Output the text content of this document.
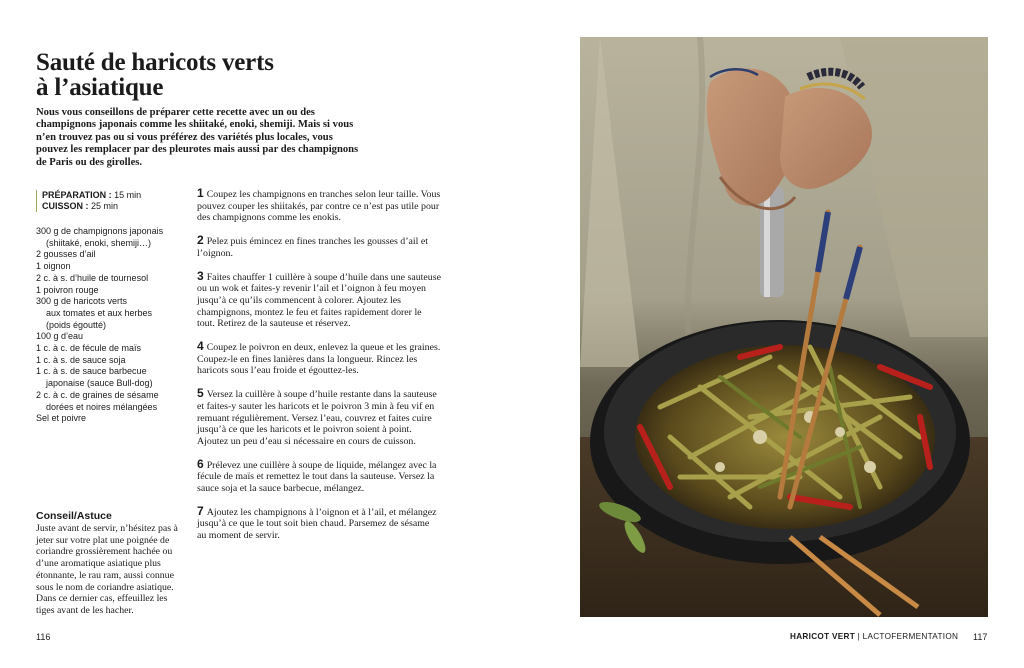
Sauté de haricots verts
à l’asiatique

Nous vous conseillons de préparer cette recette avec un ou des champignons japonais comme les shiitaké, enoki, shemiji. Mais si vous n’en trouvez pas ou si vous préférez des variétés plus locales, vous pouvez les remplacer par des pleurotes mais aussi par des champignons de Paris ou des girolles.

PRÉPARATION : 15 min
CUISSON : 25 min
300 g de champignons japonais
(shiitaké, enoki, shemiji…)
2 gousses d’ail
1 oignon
2 c. à s. d’huile de tournesol
1 poivron rouge
300 g de haricots verts
aux tomates et aux herbes
(poids égoutté)
100 g d’eau
1 c. à c. de fécule de maïs
1 c. à s. de sauce soja
1 c. à s. de sauce barbecue
japonaise (sauce Bull-dog)
2 c. à c. de graines de sésame
dorées et noires mélangées
Sel et poivre
Conseil/Astuce

Juste avant de servir, n’hésitez pas à jeter sur votre plat une poignée de coriandre grossièrement hachée ou d’une aromatique asiatique plus étonnante, le rau ram, aussi connue sous le nom de coriandre asiatique. Dans ce dernier cas, effeuillez les tiges avant de les hacher.

1 Coupez les champignons en tranches selon leur taille. Vous pouvez couper les shiitakés, par contre ce n’est pas utile pour des champignons comme les enokis.

2 Pelez puis émincez en fines tranches les gousses d’ail et l’oignon.

3 Faites chauffer 1 cuillère à soupe d’huile dans une sauteuse ou un wok et faites-y revenir l’ail et l’oignon à feu moyen jusqu’à ce qu’ils commencent à colorer. Ajoutez les champignons, montez le feu et faites rapidement dorer le tout. Retirez de la sauteuse et réservez.

4 Coupez le poivron en deux, enlevez la queue et les graines. Coupez-le en fines lanières dans la longueur. Rincez les haricots sous l’eau froide et égouttez-les.

5 Versez la cuillère à soupe d’huile restante dans la sauteuse et faites-y sauter les haricots et le poivron 3 min à feu vif en remuant régulièrement. Versez l’eau, couvrez et faites cuire jusqu’à ce que les haricots et le poivron soient à point. Ajoutez un peu d’eau si nécessaire en cours de cuisson.

6 Prélevez une cuillère à soupe de liquide, mélangez avec la fécule de maïs et remettez le tout dans la sauteuse. Versez la sauce soja et la sauce barbecue, mélangez.

7 Ajoutez les champignons à l’oignon et à l’ail, et mélangez jusqu’à ce que le tout soit bien chaud. Parsemez de sésame au moment de servir.

116	HARICOT VERT | LACTOFERMENTATION 117
